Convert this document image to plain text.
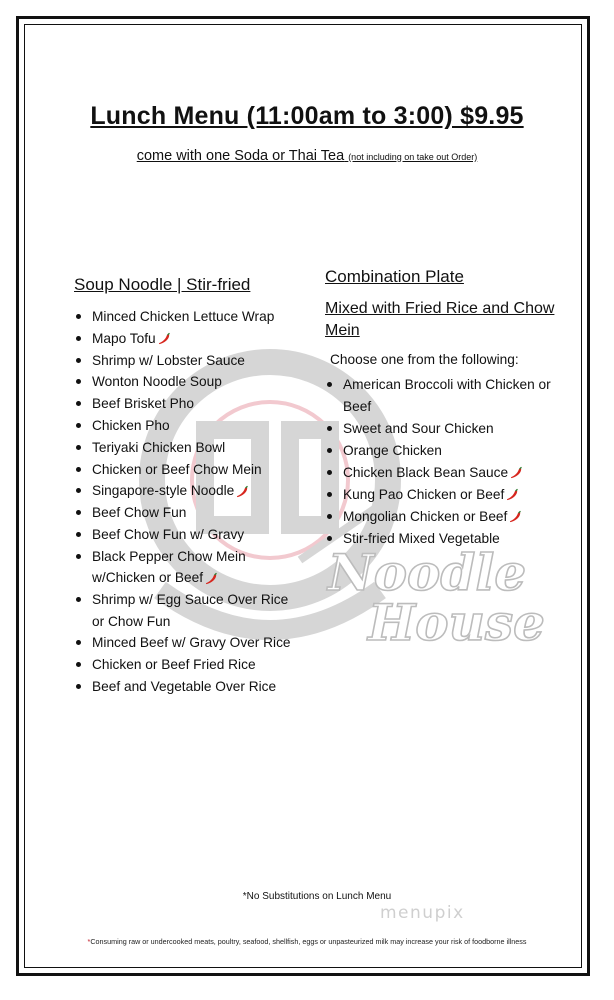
Noodle
House
Lunch Menu (11:00am to 3:00) $9.95
come with one Soda or Thai Tea (not including on take out Order)
Soup Noodle | Stir-fried
Minced Chicken Lettuce Wrap
Mapo Tofu
Shrimp w/ Lobster Sauce
Wonton Noodle Soup
Beef Brisket Pho
Chicken Pho
Teriyaki Chicken Bowl
Chicken or Beef Chow Mein
Singapore-style Noodle
Beef Chow Fun
Beef Chow Fun w/ Gravy
Black Pepper Chow Mein w/Chicken or Beef
Shrimp w/ Egg Sauce Over Rice or Chow Fun
Minced Beef w/ Gravy Over Rice
Chicken or Beef Fried Rice
Beef and Vegetable Over Rice
Combination Plate
Mixed with Fried Rice and Chow Mein
Choose one from the following:
American Broccoli with Chicken or Beef
Sweet and Sour Chicken
Orange Chicken
Chicken Black Bean Sauce
Kung Pao Chicken or Beef
Mongolian Chicken or Beef
Stir-fried Mixed Vegetable
*No Substitutions on Lunch Menu
menupix
*Consuming raw or undercooked meats, poultry, seafood, shellfish, eggs or unpasteurized milk may increase your risk of foodborne illness
